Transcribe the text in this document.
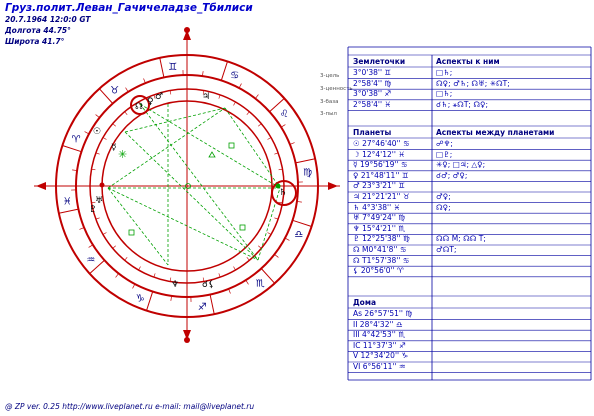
♈
♉
♊
♋
♌
♍
♎
♏
♐
♑
♒
♓
☊ ♀ ♂	♃
☉
☿
♅
♇
♄
♆	☌⚸
✳
Груз.полит.Леван_Гачичеладзе_Тбилиси
20.7.1964 12:0:0 GT
Долгота 44.75°
Широта 41.7°
3-цель
3-ценность
3-база
3-пыл
Землеточки	Аспекты к ним
3°0'38'' ♊	□♄;
2°58'4'' ♍	☊♀; ♂♄; ☊♅; ✳☊T;
3°0'38'' ♐	□♄;
2°58'4'' ♓	☌♄; ⚹☊T; ☊♀;
Планеты	Аспекты между планетами
☉ 27°46'40'' ♋	☍♆;
☽ 12°4'12'' ♓	□♇;
☿ 19°56'19'' ♋	✳♀; □♃; △♀;
♀ 21°48'11'' ♊	☌♂; ♂♀;
♂ 23°3'21'' ♊
♃ 21°21'21'' ♉	♂♀;
♄ 4°3'38'' ♓	☊♀;
♅ 7°49'24'' ♍
♆ 15°4'21'' ♏
♇ 12°25'38'' ♍	☊☊ M; ☊☊ T;
☊ M0°41'8'' ♋	♂☊T;
☊ T1°57'38'' ♋
⚸ 20°56'0'' ♈
Дома
As 26°57'51'' ♍
II 28°4'32'' ♎
III 4°42'53'' ♏
IC 11°37'3'' ♐
V 12°34'20'' ♑
VI 6°56'11'' ♒
@ ZP ver. 0.25 http://www.liveplanet.ru e-mail: mail@liveplanet.ru
